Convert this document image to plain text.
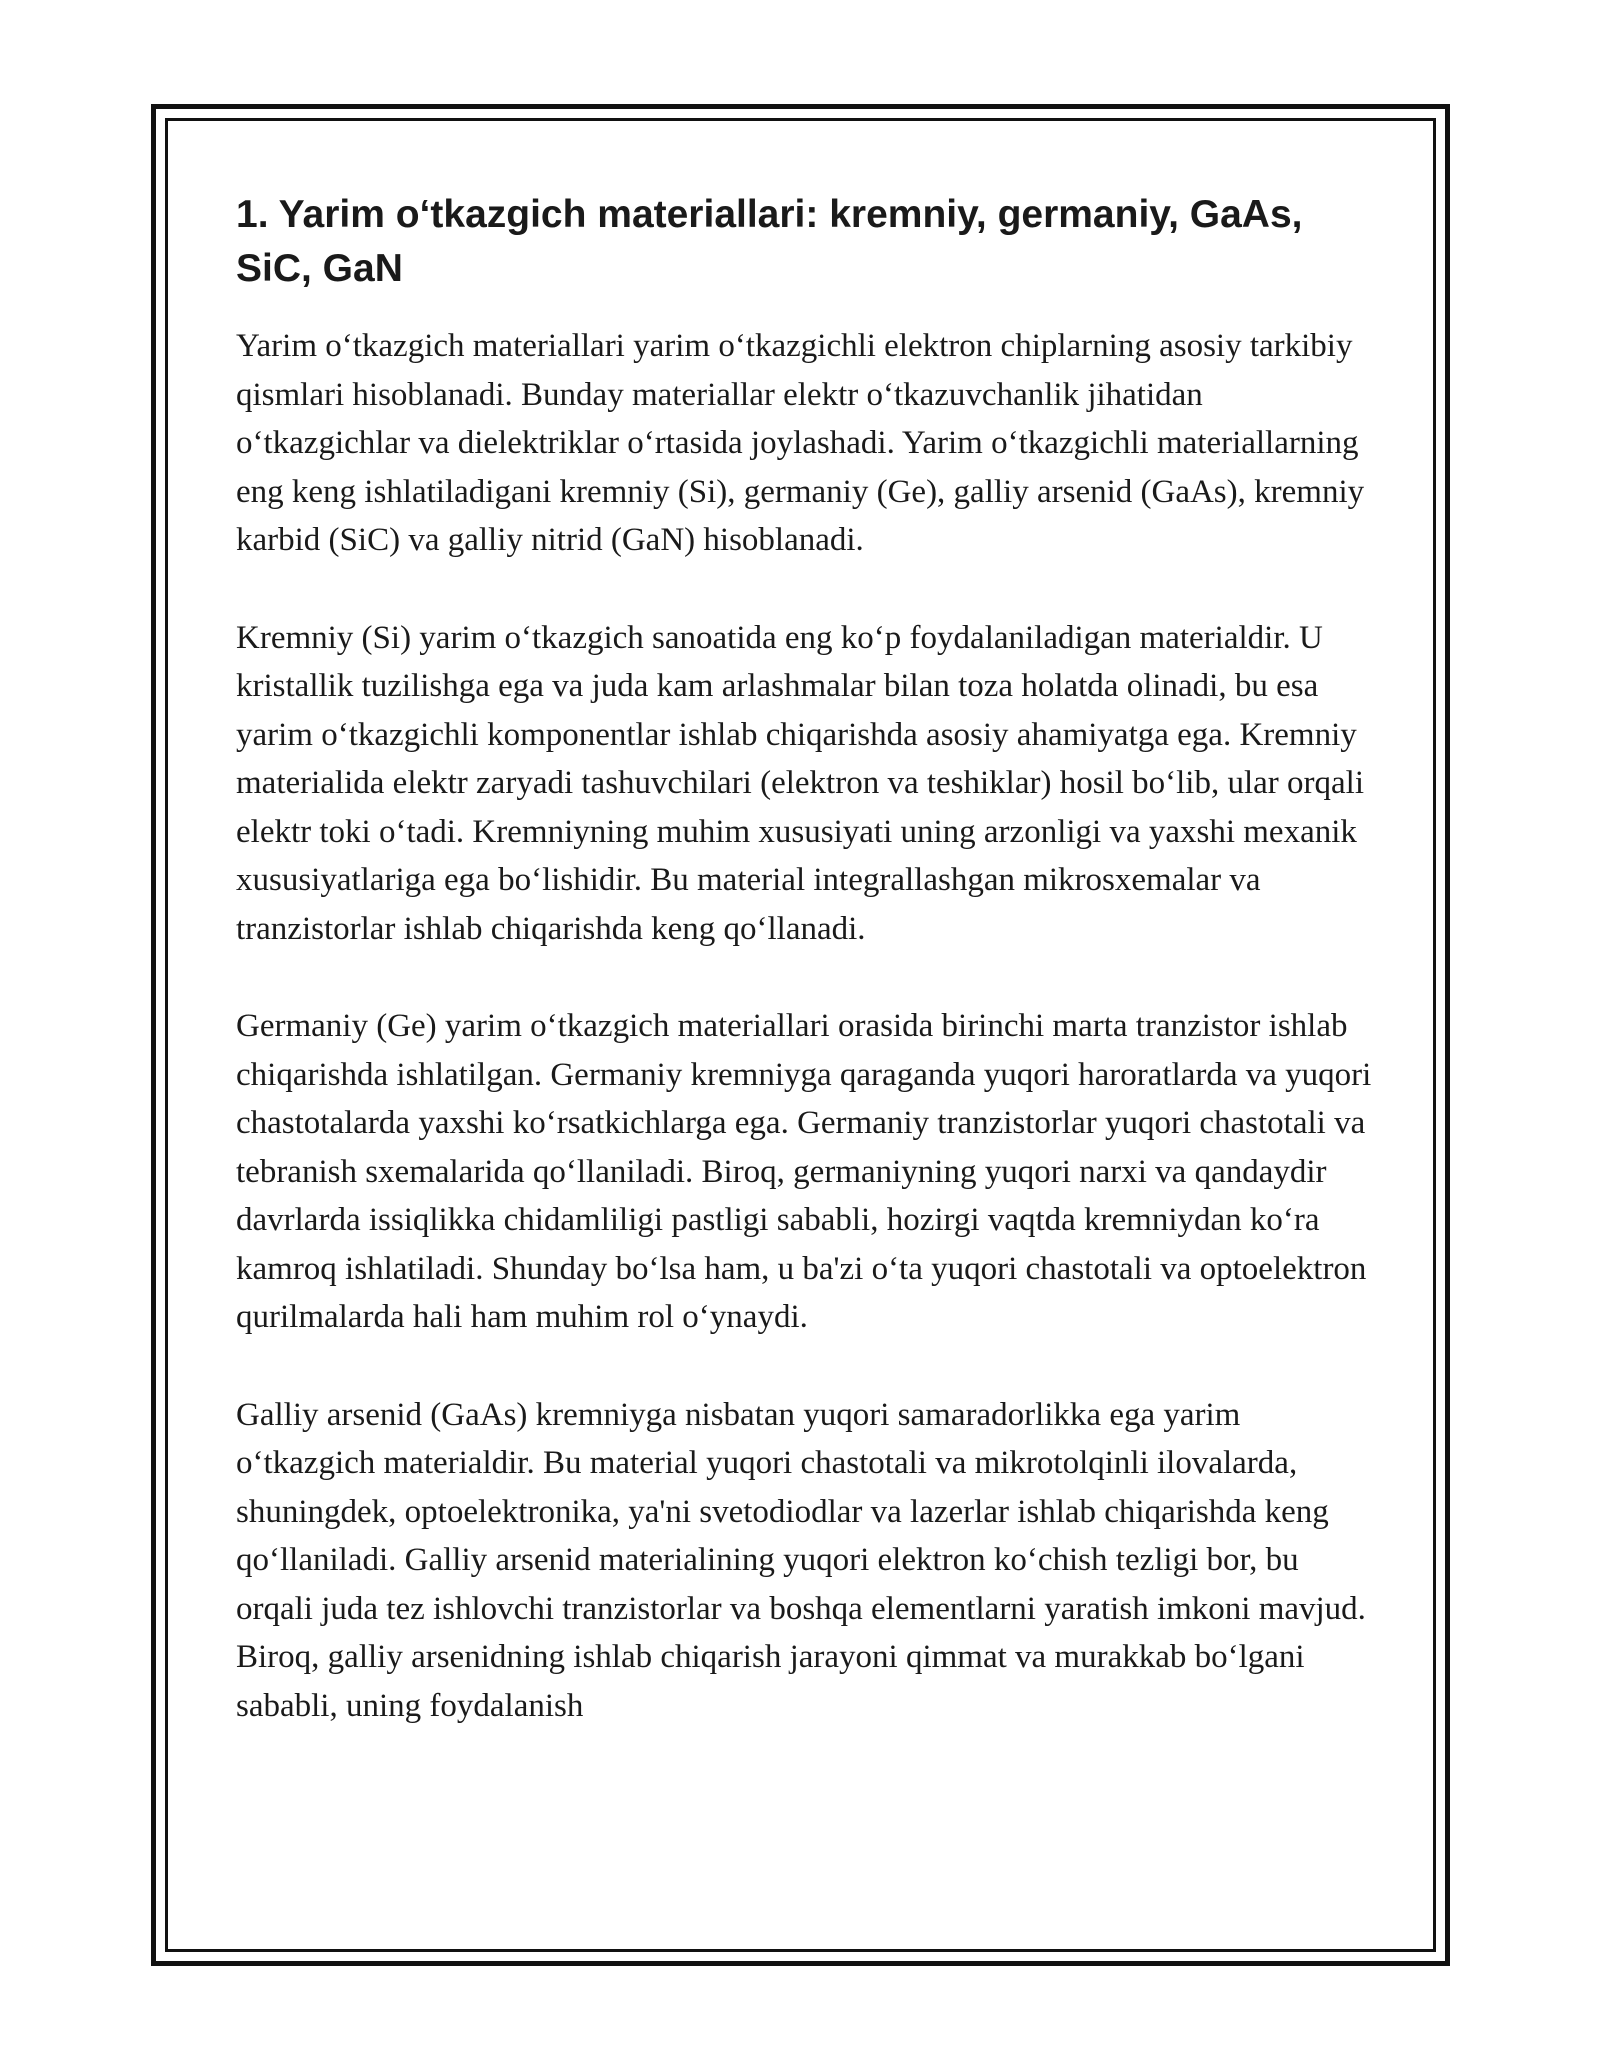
1. Yarim o‘tkazgich materiallari: kremniy, germaniy, GaAs, SiC, GaN

Yarim o‘tkazgich materiallari yarim o‘tkazgichli elektron chiplarning asosiy tarkibiy qismlari hisoblanadi. Bunday materiallar elektr o‘tkazuvchanlik jihatidan o‘tkazgichlar va dielektriklar o‘rtasida joylashadi. Yarim o‘tkazgichli materiallarning eng keng ishlatiladigani kremniy (Si), germaniy (Ge), galliy arsenid (GaAs), kremniy karbid (SiC) va galliy nitrid (GaN) hisoblanadi.

Kremniy (Si) yarim o‘tkazgich sanoatida eng ko‘p foydalaniladigan materialdir. U kristallik tuzilishga ega va juda kam arlashmalar bilan toza holatda olinadi, bu esa yarim o‘tkazgichli komponentlar ishlab chiqarishda asosiy ahamiyatga ega. Kremniy materialida elektr zaryadi tashuvchilari (elektron va teshiklar) hosil bo‘lib, ular orqali elektr toki o‘tadi. Kremniyning muhim xususiyati uning arzonligi va yaxshi mexanik xususiyatlariga ega bo‘lishidir. Bu material integrallashgan mikrosxemalar va tranzistorlar ishlab chiqarishda keng qo‘llanadi.

Germaniy (Ge) yarim o‘tkazgich materiallari orasida birinchi marta tranzistor ishlab chiqarishda ishlatilgan. Germaniy kremniyga qaraganda yuqori haroratlarda va yuqori chastotalarda yaxshi ko‘rsatkichlarga ega. Germaniy tranzistorlar yuqori chastotali va tebranish sxemalarida qo‘llaniladi. Biroq, germaniyning yuqori narxi va qandaydir davrlarda issiqlikka chidamliligi pastligi sababli, hozirgi vaqtda kremniydan ko‘ra kamroq ishlatiladi. Shunday bo‘lsa ham, u ba'zi o‘ta yuqori chastotali va optoelektron qurilmalarda hali ham muhim rol o‘ynaydi.

Galliy arsenid (GaAs) kremniyga nisbatan yuqori samaradorlikka ega yarim o‘tkazgich materialdir. Bu material yuqori chastotali va mikrotolqinli ilovalarda, shuningdek, optoelektronika, ya'ni svetodiodlar va lazerlar ishlab chiqarishda keng qo‘llaniladi. Galliy arsenid materialining yuqori elektron ko‘chish tezligi bor, bu orqali juda tez ishlovchi tranzistorlar va boshqa elementlarni yaratish imkoni mavjud. Biroq, galliy arsenidning ishlab chiqarish jarayoni qimmat va murakkab bo‘lgani sababli, uning foydalanish
